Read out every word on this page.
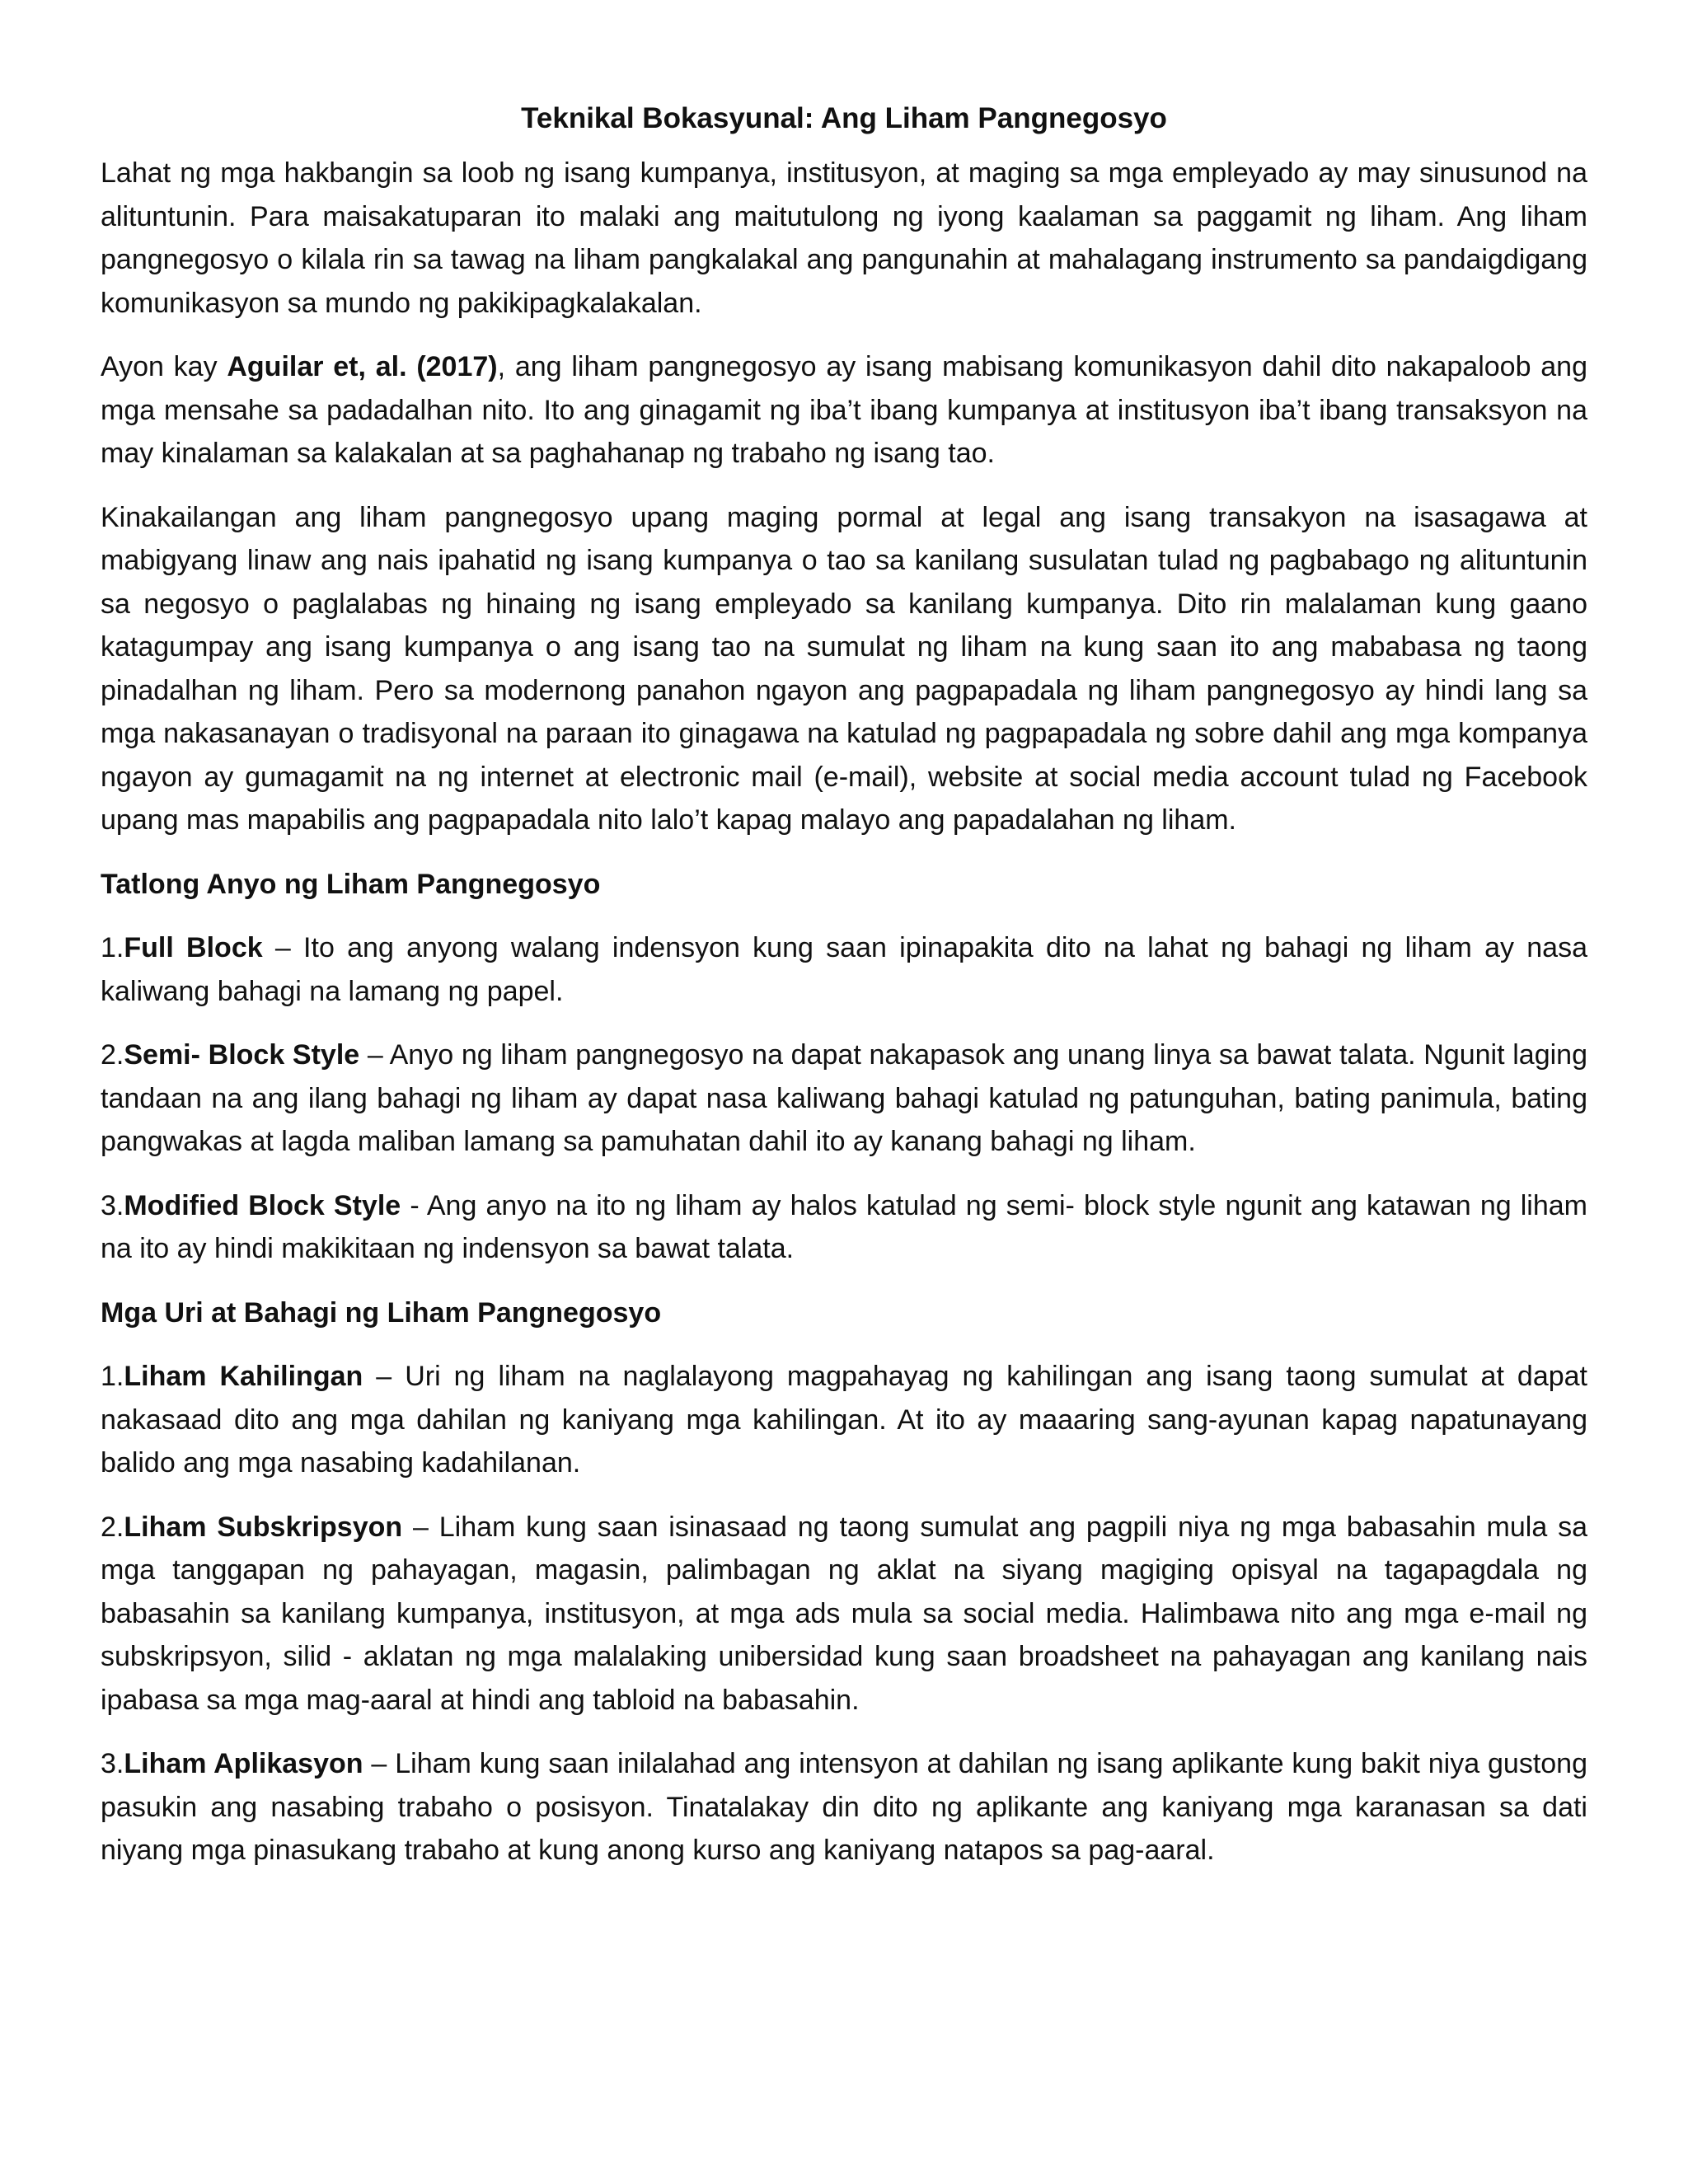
Teknikal Bokasyunal: Ang Liham Pangnegosyo

Lahat ng mga hakbangin sa loob ng isang kumpanya, institusyon, at maging sa mga empleyado ay may sinusunod na alituntunin. Para maisakatuparan ito malaki ang maitutulong ng iyong kaalaman sa paggamit ng liham. Ang liham pangnegosyo o kilala rin sa tawag na liham pangkalakal ang pangunahin at mahalagang instrumento sa pandaigdigang komunikasyon sa mundo ng pakikipagkalakalan.

Ayon kay Aguilar et, al. (2017), ang liham pangnegosyo ay isang mabisang komunikasyon dahil dito nakapaloob ang mga mensahe sa padadalhan nito. Ito ang ginagamit ng iba’t ibang kumpanya at institusyon iba’t ibang transaksyon na may kinalaman sa kalakalan at sa paghahanap ng trabaho ng isang tao.

Kinakailangan ang liham pangnegosyo upang maging pormal at legal ang isang transakyon na isasagawa at mabigyang linaw ang nais ipahatid ng isang kumpanya o tao sa kanilang susulatan tulad ng pagbabago ng alituntunin sa negosyo o paglalabas ng hinaing ng isang empleyado sa kanilang kumpanya. Dito rin malalaman kung gaano katagumpay ang isang kumpanya o ang isang tao na sumulat ng liham na kung saan ito ang mababasa ng taong pinadalhan ng liham. Pero sa modernong panahon ngayon ang pagpapadala ng liham pangnegosyo ay hindi lang sa mga nakasanayan o tradisyonal na paraan ito ginagawa na katulad ng pagpapadala ng sobre dahil ang mga kompanya ngayon ay gumagamit na ng internet at electronic mail (e-mail), website at social media account tulad ng Facebook upang mas mapabilis ang pagpapadala nito lalo’t kapag malayo ang papadalahan ng liham.

Tatlong Anyo ng Liham Pangnegosyo

1.Full Block – Ito ang anyong walang indensyon kung saan ipinapakita dito na lahat ng bahagi ng liham ay nasa kaliwang bahagi na lamang ng papel.

2.Semi- Block Style – Anyo ng liham pangnegosyo na dapat nakapasok ang unang linya sa bawat talata. Ngunit laging tandaan na ang ilang bahagi ng liham ay dapat nasa kaliwang bahagi katulad ng patunguhan, bating panimula, bating pangwakas at lagda maliban lamang sa pamuhatan dahil ito ay kanang bahagi ng liham.

3.Modified Block Style - Ang anyo na ito ng liham ay halos katulad ng semi- block style ngunit ang katawan ng liham na ito ay hindi makikitaan ng indensyon sa bawat talata.

Mga Uri at Bahagi ng Liham Pangnegosyo

1.Liham Kahilingan – Uri ng liham na naglalayong magpahayag ng kahilingan ang isang taong sumulat at dapat nakasaad dito ang mga dahilan ng kaniyang mga kahilingan. At ito ay maaaring sang-ayunan kapag napatunayang balido ang mga nasabing kadahilanan.

2.Liham Subskripsyon – Liham kung saan isinasaad ng taong sumulat ang pagpili niya ng mga babasahin mula sa mga tanggapan ng pahayagan, magasin, palimbagan ng aklat na siyang magiging opisyal na tagapagdala ng babasahin sa kanilang kumpanya, institusyon, at mga ads mula sa social media. Halimbawa nito ang mga e-mail ng subskripsyon, silid - aklatan ng mga malalaking unibersidad kung saan broadsheet na pahayagan ang kanilang nais ipabasa sa mga mag-aaral at hindi ang tabloid na babasahin.

3.Liham Aplikasyon – Liham kung saan inilalahad ang intensyon at dahilan ng isang aplikante kung bakit niya gustong pasukin ang nasabing trabaho o posisyon. Tinatalakay din dito ng aplikante ang kaniyang mga karanasan sa dati niyang mga pinasukang trabaho at kung anong kurso ang kaniyang natapos sa pag-aaral.
